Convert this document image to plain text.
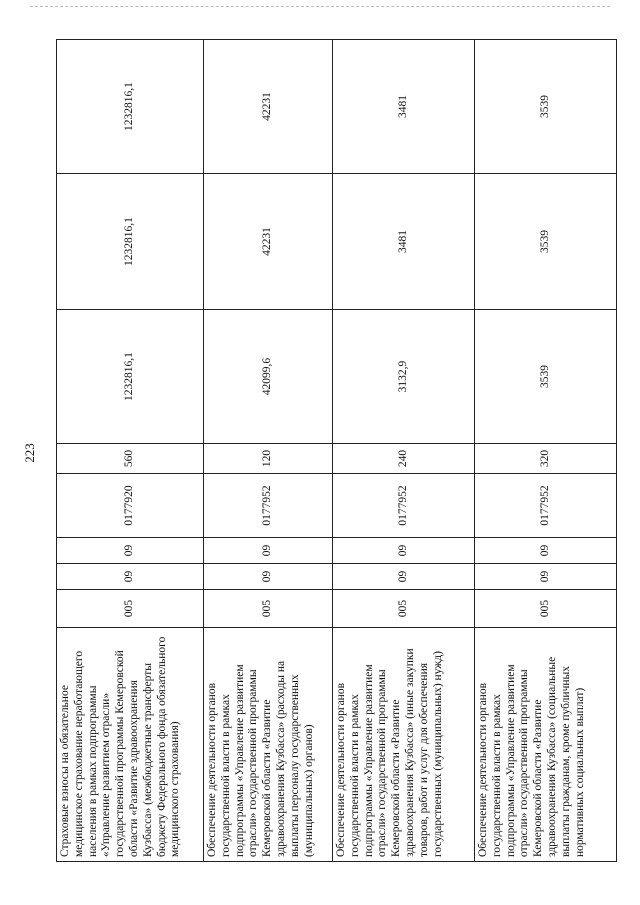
223
Страховые взносы на обязательное медицинское страхование неработающего населения в рамках подпрограммы «Управление развитием отрасли» государственной программы Кемеровской области «Развитие здравоохранения Кузбасса» (межбюджетные трансферты бюджету Федерального фонда обязательного медицинского страхования)	005	09	09	0177920	560	1232816,1	1232816,1	1232816,1
Обеспечение деятельности органов государственной власти в рамках подпрограммы «Управление развитием отрасли» государственной программы Кемеровской области «Развитие здравоохранения Кузбасса» (расходы на выплаты персоналу государственных (муниципальных) органов)	005	09	09	0177952	120	42099,6	42231	42231
Обеспечение деятельности органов государственной власти в рамках подпрограммы «Управление развитием отрасли» государственной программы Кемеровской области «Развитие здравоохранения Кузбасса» (иные закупки товаров, работ и услуг для обеспечения государственных (муниципальных) нужд)	005	09	09	0177952	240	3132,9	3481	3481
Обеспечение деятельности органов государственной власти в рамках подпрограммы «Управление развитием отрасли» государственной программы Кемеровской области «Развитие здравоохранения Кузбасса» (социальные выплаты гражданам, кроме публичных нормативных социальных выплат)	005	09	09	0177952	320	3539	3539	3539
